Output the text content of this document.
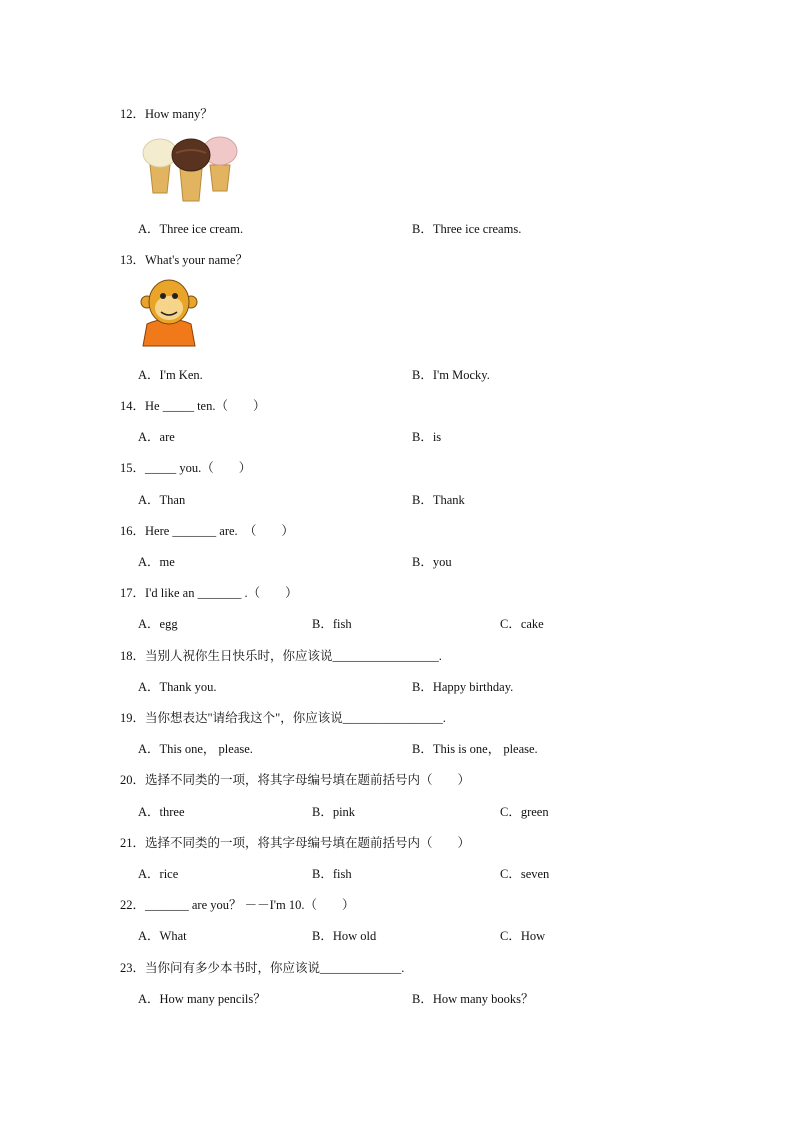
12．How many？
A．Three ice cream.	B．Three ice creams.
13．What's your name？
A．I'm Ken.	B．I'm Mocky.
14．He _____ ten.（　　）
A．are	B．is
15．_____ you.（　　）
A．Than	B．Thank
16．Here _______ are.　（　　）
A．me	B．you
17．I'd like an _______ .（　　）
A．egg	B．fish	C．cake
18．当别人祝你生日快乐时，你应该说_________________.
A．Thank you.	B．Happy birthday.
19．当你想表达"请给我这个"，你应该说________________.
A．This one， please.	B．This is one， please.
20．选择不同类的一项，将其字母编号填在题前括号内（　　）
A．three	B．pink	C．green
21．选择不同类的一项，将其字母编号填在题前括号内（　　）
A．rice	B．fish	C．seven
22．_______ are you？ －－I'm 10.（　　）
A．What	B．How old	C．How
23．当你问有多少本书时，你应该说_____________.
A．How many pencils？	B．How many books？
